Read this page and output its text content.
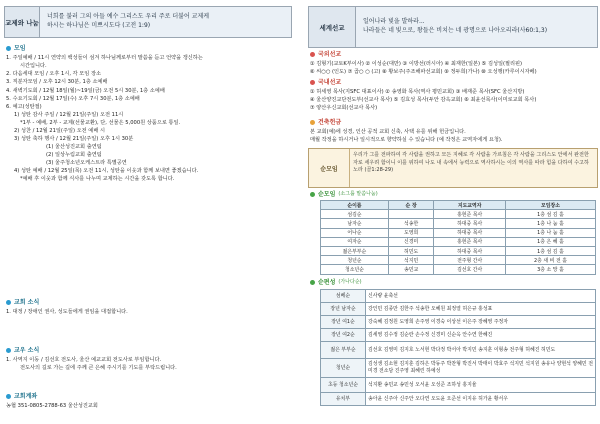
교제와 나눔
너희를 불러 그의 아들 예수 그리스도 우리 주로 더불어 교제케
하시는 하나님은 미쁘시도다 (고전 1:9)
모임
1. 주일예배 / 11시 연약의 백성들이 섬겨 하나님께로부터 말씀을 듣고 언약을 갱신하는
시간입니다.
2. 다음세대 모임 / 오후 1시, 각 모임 장소
3. 직분자모임 / 오후 12시 30분, 1층 소예배
4. 새벽기도회 / 12월 18일(월)~19일(금) 오전 5시 30분, 1층 소예배
5. 수요기도회 / 12월 17일(수) 오후 7시 30분, 1층 소예배
6. 예고(성탄절)
1) 성탄 감사 주일 / 12월 21일(주일) 오전 11시
*1부 - 예배, 2부 - 교제(선물교환), 단, 선물은 5,000원 상품으로 통일.
2) 성찬 / 12월 21일(주일) 오전 예배 시
3) 성탄 축하 행사 / 12월 21일(주일) 오후 1시 30분
(1) 울산성진교회 출연팀
(2) 일상누림교회 출연팀
(3) 울주청소년오케스트라 특별공연
4) 성탄 예배 / 12월 25일(목) 오전 11시, 성탄을 이웃과 함께 보내면 좋겠습니다.
*예배 후 이웃과 함께 식사를 나누며 교제하는 시간을 갖도록 합니다.
교회 소식
1. 대정 / 장애인 권사, 성도들에게 권임을 대접합니다.
교우 소식
1. 사역지 이동 / 김선호 전도사, 울산 예교교회 전도사로 부임합니다.
전도사의 길로 가는 길에 주께 큰 은혜 주시기를 기도를 부탁드립니다.
교회계좌
농협 351-0805-2788-63 울산성진교회
세계선교
일어나라 빛을 발하라...
나라들은 네 빛으로, 왕들은 비치는 네 광명으로 나아오리라(사60:1,3)
국외선교
① 김형기(교토K부이사) ② 이성순(대만) ③ 이방선(러시아) ④ 최재한(일본) ⑤ 김성일(필리핀)
⑥ 씨○○ (인도) ⑦ 곱○ ○ (고) ⑧ 황보주(주조해파선교회) ⑨ 정두희(가나) ⑩ 오성행(카루이시자베)
국내선교
① 허세영 목사(지SFC 대표이사) ② 송영화 목사(역사 평민교회) ③ 배재준 목사(SFC 울산지방)
④ 울산양진교단전도부(선교사 목사) ⑤ 김효성 목사(두안 감옥교회) ⑥ 최윤선목사(이미로교회 목사)
⑦ 양산우신교회(선교사 목사)
건축헌금
본 교회(예)에 성경, 인산 공적 교회 신축, 사택 유를 위해 헌금입니다.
매월 작정을 하시거나 일시적으로 향약하실 수 있습니다 (예 작정은 교역자에게 요청).
순모임
우리가 그를 전파하여 각 사람을 권하고 모든 지혜로 각 사람을 가르침은 각 사람을 그리스도 안에서 완전한 자로 세우려 함이니 이를 위하여 나도 내 속에서 능력으로 역사하시는 이의 역사를 따라 힘을 다하여 수고하노라 (골1:28-29)
순모임 (소그룹 말씀나눔)
순이름	순 장	지도교역자	모임장소
섬김순		홍현준 목사	1층 섬 김 홀
남자순	석송한	하대중 목사	1층 나 눔 홀
어나순	도영희	하대중 목사	1층 나 눔 홀
여자순	신경미	홍현준 목사	1층 은 혜 홀
젊은부부순	허민도	하대중 목사	1층 섬 김 홀
청년순	석지민	전주형 간사	2층 새 비 전 홀
청소년순	송민교	김선호 간사	3층 소 망 홀
순편성 (가나다순)
섬베순	신사량 윤축선
장년 남자순	강인민 김종만 김한주 석송한 오혜원 최정열 허은규 홍성표
장년 여1순	강숙혜 김정원 도영희 손주영 이경숙 이상선 이은주 장혜영 주정자
장년 여2순	김세영 김수정 김순란 손수정 신경미 신순옥 안수연 한혜진
젊은 부부순	김선호 김영미 김지호 노서현 박다정 박서아 박지민 송지훈 이형송 전주형 허혜진 허민도
청년순	김성생 김소현 김지훈 김하은 박동주 박찬형 박진서 박태이 박효주 석지민 석지원 송유나 양현석 양혜민 전미경 전소담 진주영 최혜린 하예성
초등 청소년순	석지환 송민교 송민성 오서윤 오성준 조하성 홍지율
유치부	송아윤 신주아 신주안 오다연 오도윤 오준선 이지유 허가윤 황서우
